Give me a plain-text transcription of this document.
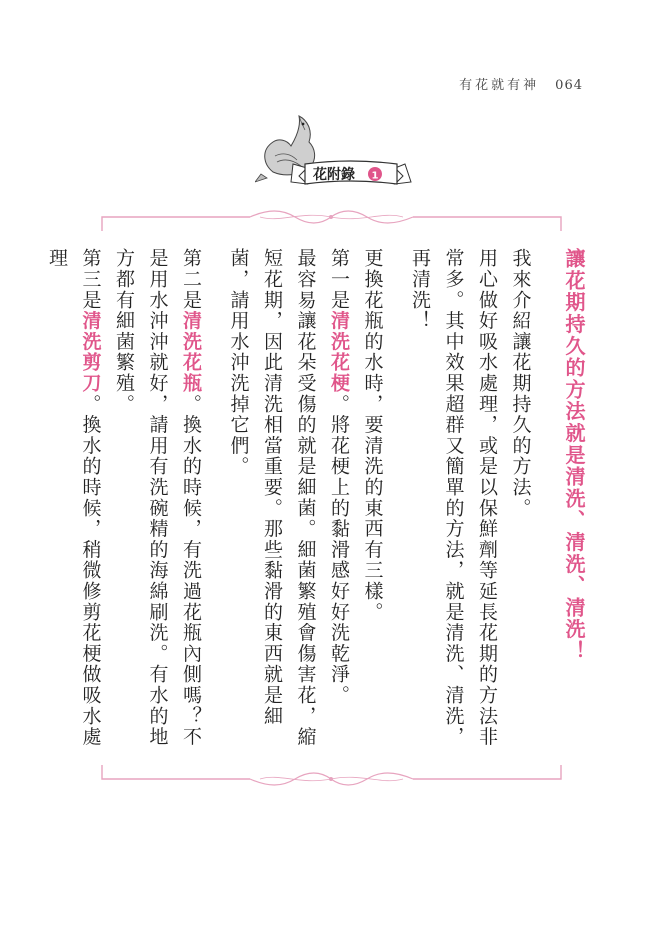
有花就有神 064
花附錄 1

讓花期持久的方法就是清洗、清洗、清洗！

我來介紹讓花期持久的方法。

用心做好吸水處理，或是以保鮮劑等延長花期的方法非常多。其中效果超群又簡單的方法，就是清洗、清洗，再清洗！

更換花瓶的水時，要清洗的東西有三樣。

第一是清洗花梗。將花梗上的黏滑感好好洗乾淨。

最容易讓花朵受傷的就是細菌。細菌繁殖會傷害花，縮短花期，因此清洗相當重要。那些黏滑的東西就是細菌，請用水沖洗掉它們。

第二是清洗花瓶。換水的時候，有洗過花瓶內側嗎？不是用水沖沖就好，請用有洗碗精的海綿刷洗。有水的地方都有細菌繁殖。

第三是清洗剪刀。換水的時候，稍微修剪花梗做吸水處理
